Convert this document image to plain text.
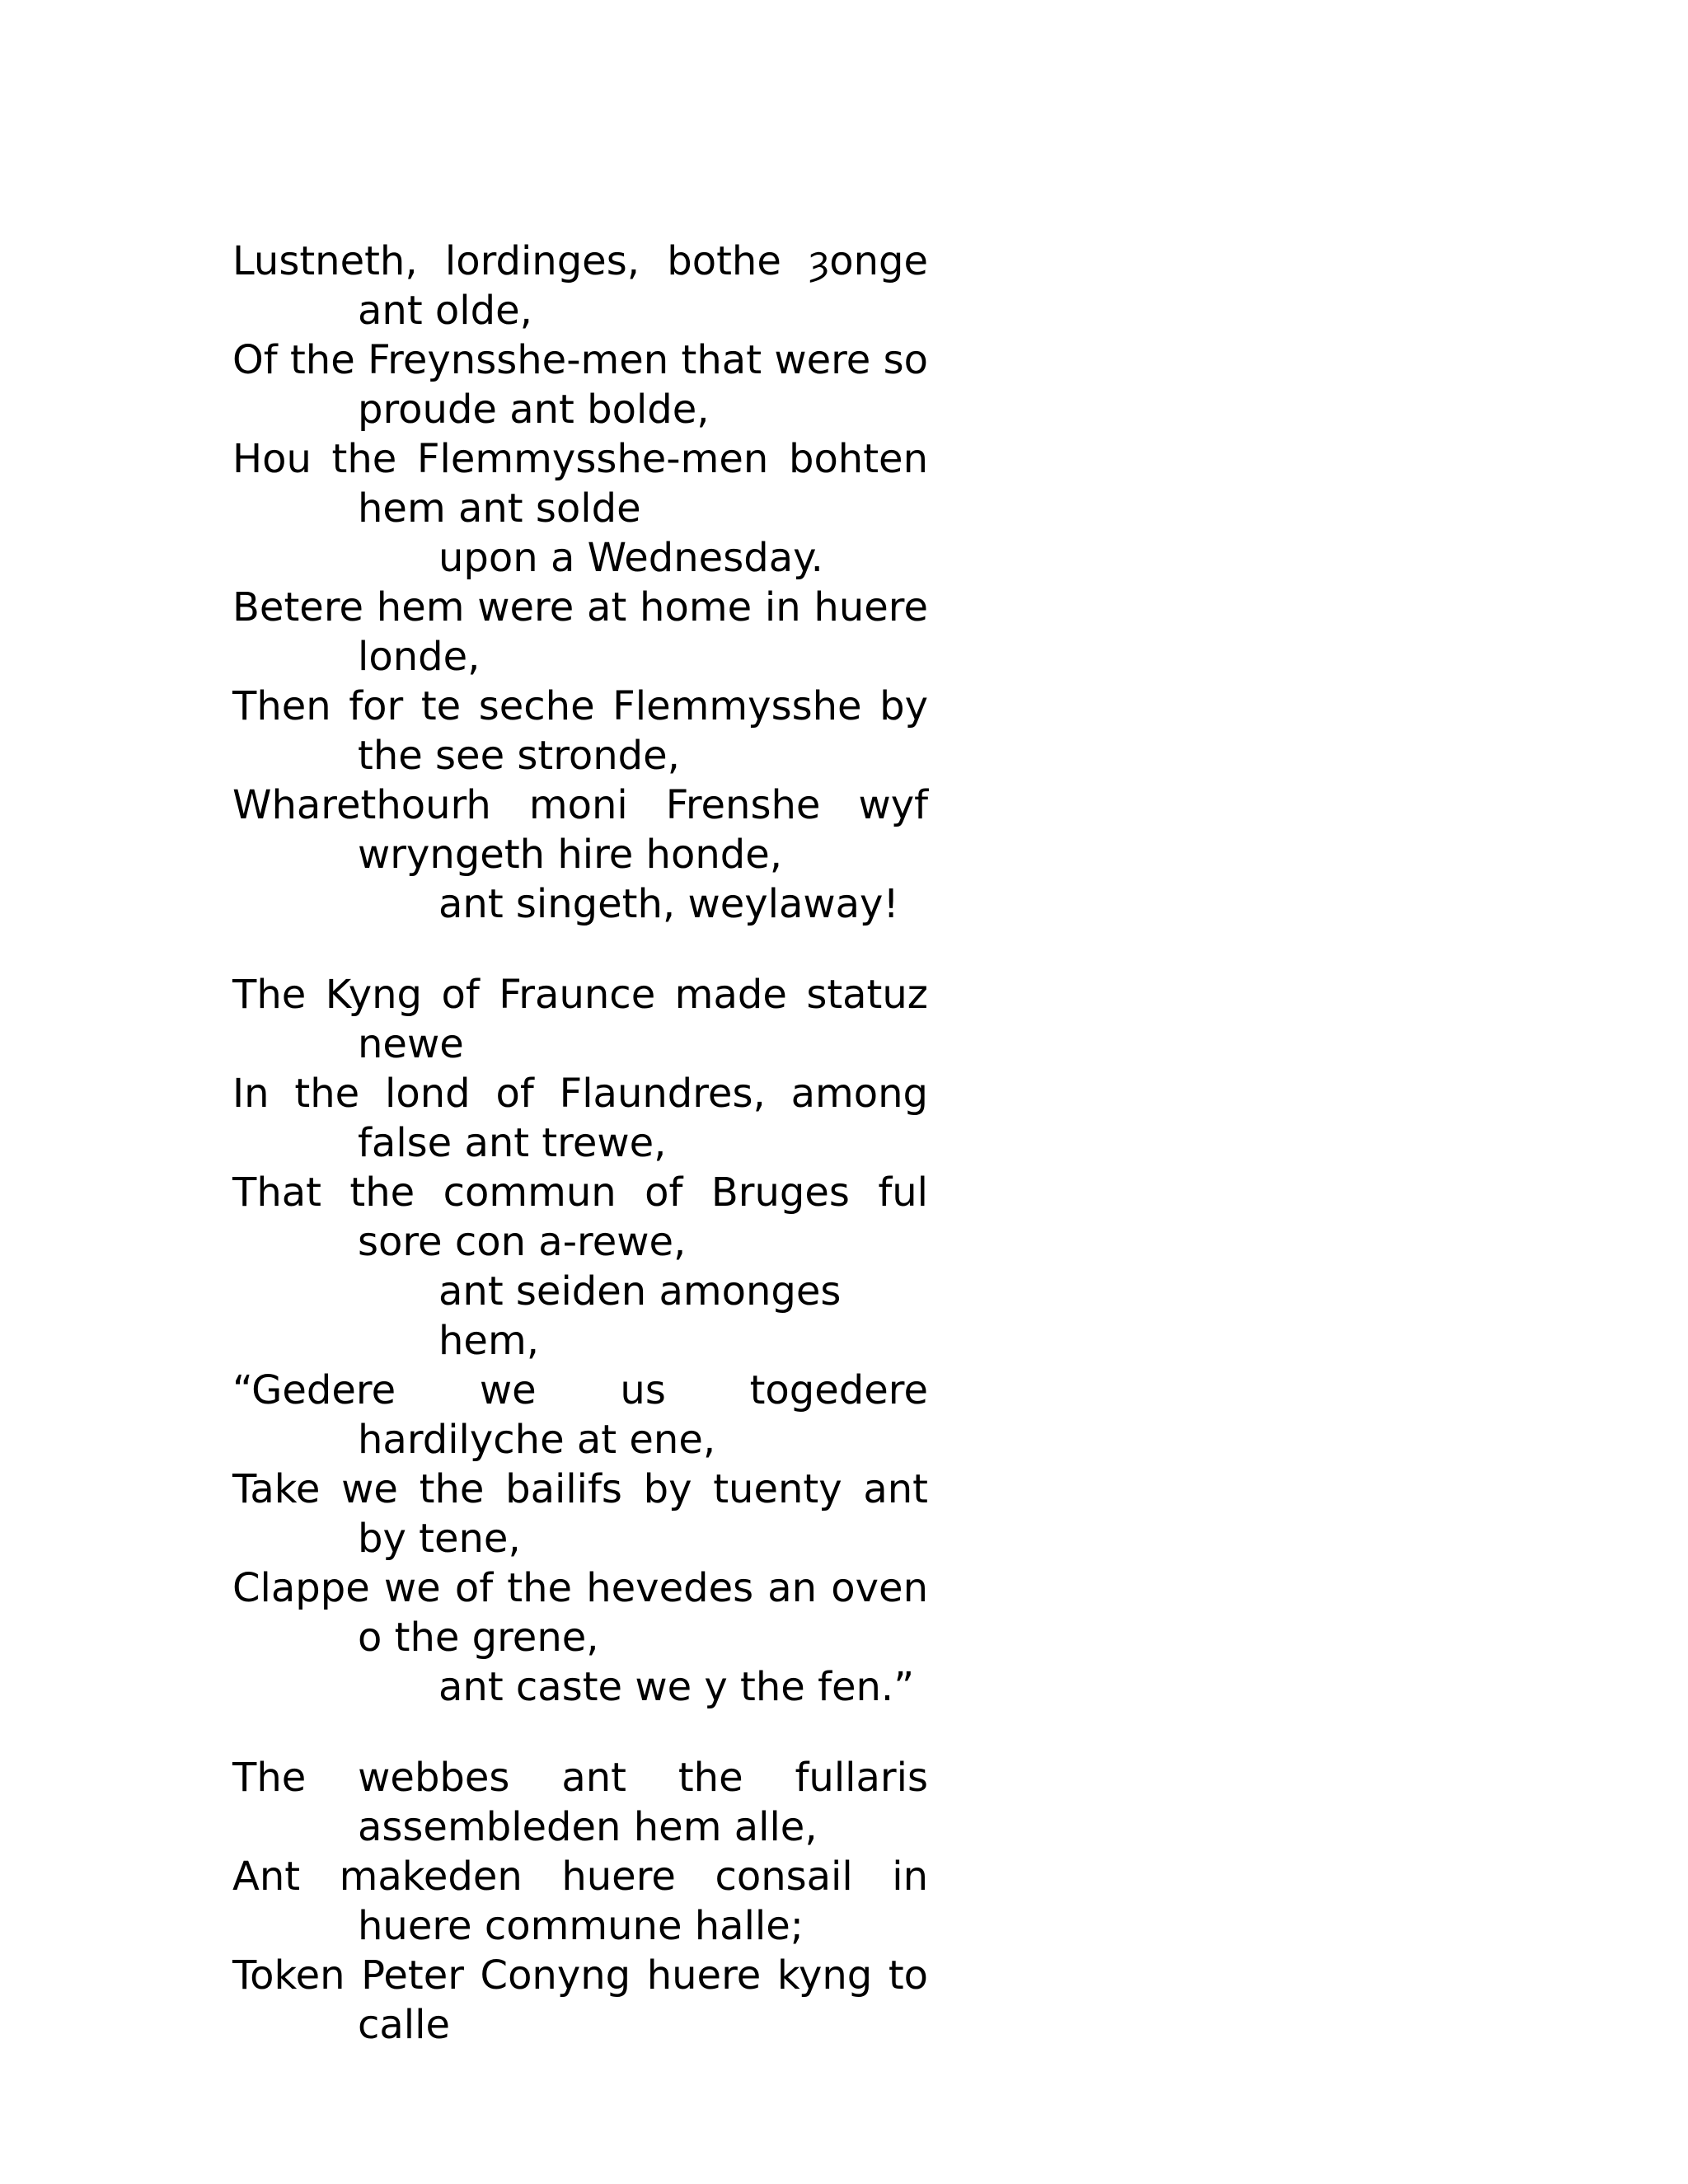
Lustneth, lordinges, bothe ȝonge ant olde,

Of the Freynsshe-men that were so proude ant bolde,

Hou the Flemmysshe-men bohten hem ant solde

upon a Wednesday.

Betere hem were at home in huere londe,

Then for te seche Flemmysshe by the see stronde,

Wharethourh moni Frenshe wyf wryngeth hire honde,

ant singeth, weylaway!

The Kyng of Fraunce made statuz newe

In the lond of Flaundres, among false ant trewe,

That the commun of Bruges ful sore con a-rewe,

ant seiden amonges hem,

“Gedere we us togedere hardilyche at ene,

Take we the bailifs by tuenty ant by tene,

Clappe we of the hevedes an oven o the grene,

ant caste we y the fen.”

The webbes ant the fullaris assembleden hem alle,

Ant makeden huere consail in huere commune halle;

Token Peter Conyng huere kyng to calle
